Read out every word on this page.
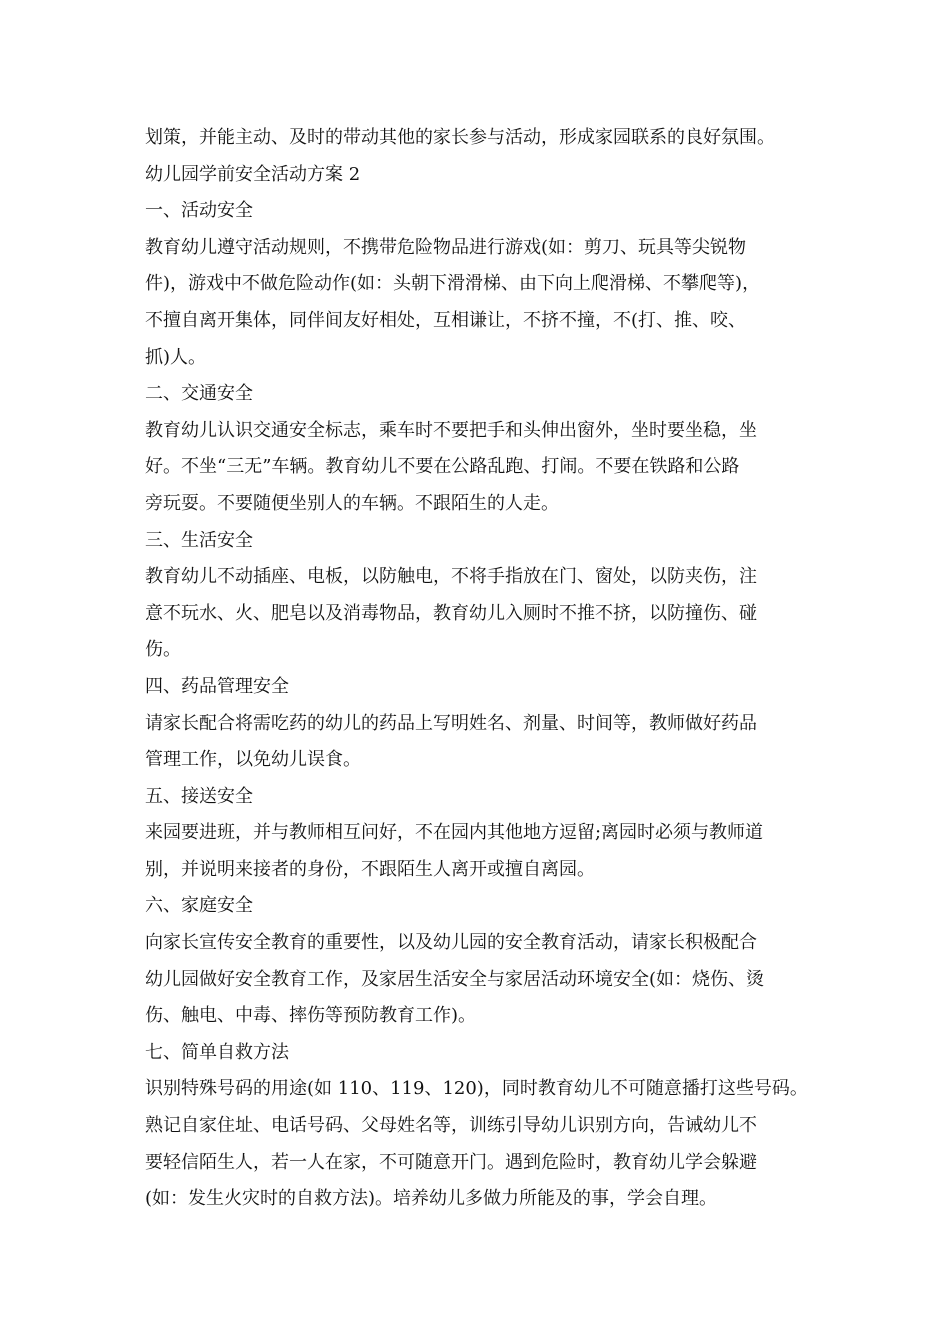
划策，并能主动、及时的带动其他的家长参与活动，形成家园联系的良好氛围。
幼儿园学前安全活动方案 2
一、活动安全
教育幼儿遵守活动规则，不携带危险物品进行游戏(如：剪刀、玩具等尖锐物
件)，游戏中不做危险动作(如：头朝下滑滑梯、由下向上爬滑梯、不攀爬等)，
不擅自离开集体，同伴间友好相处，互相谦让，不挤不撞，不(打、推、咬、
抓)人。
二、交通安全
教育幼儿认识交通安全标志，乘车时不要把手和头伸出窗外，坐时要坐稳，坐
好。不坐“三无”车辆。教育幼儿不要在公路乱跑、打闹。不要在铁路和公路
旁玩耍。不要随便坐别人的车辆。不跟陌生的人走。
三、生活安全
教育幼儿不动插座、电板，以防触电，不将手指放在门、窗处，以防夹伤，注
意不玩水、火、肥皂以及消毒物品，教育幼儿入厕时不推不挤，以防撞伤、碰
伤。
四、药品管理安全
请家长配合将需吃药的幼儿的药品上写明姓名、剂量、时间等，教师做好药品
管理工作，以免幼儿误食。
五、接送安全
来园要进班，并与教师相互问好，不在园内其他地方逗留;离园时必须与教师道
别，并说明来接者的身份，不跟陌生人离开或擅自离园。
六、家庭安全
向家长宣传安全教育的重要性，以及幼儿园的安全教育活动，请家长积极配合
幼儿园做好安全教育工作，及家居生活安全与家居活动环境安全(如：烧伤、烫
伤、触电、中毒、摔伤等预防教育工作)。
七、简单自救方法
识别特殊号码的用途(如 110、119、120)，同时教育幼儿不可随意播打这些号码。
熟记自家住址、电话号码、父母姓名等，训练引导幼儿识别方向，告诫幼儿不
要轻信陌生人，若一人在家，不可随意开门。遇到危险时，教育幼儿学会躲避
(如：发生火灾时的自救方法)。培养幼儿多做力所能及的事，学会自理。
